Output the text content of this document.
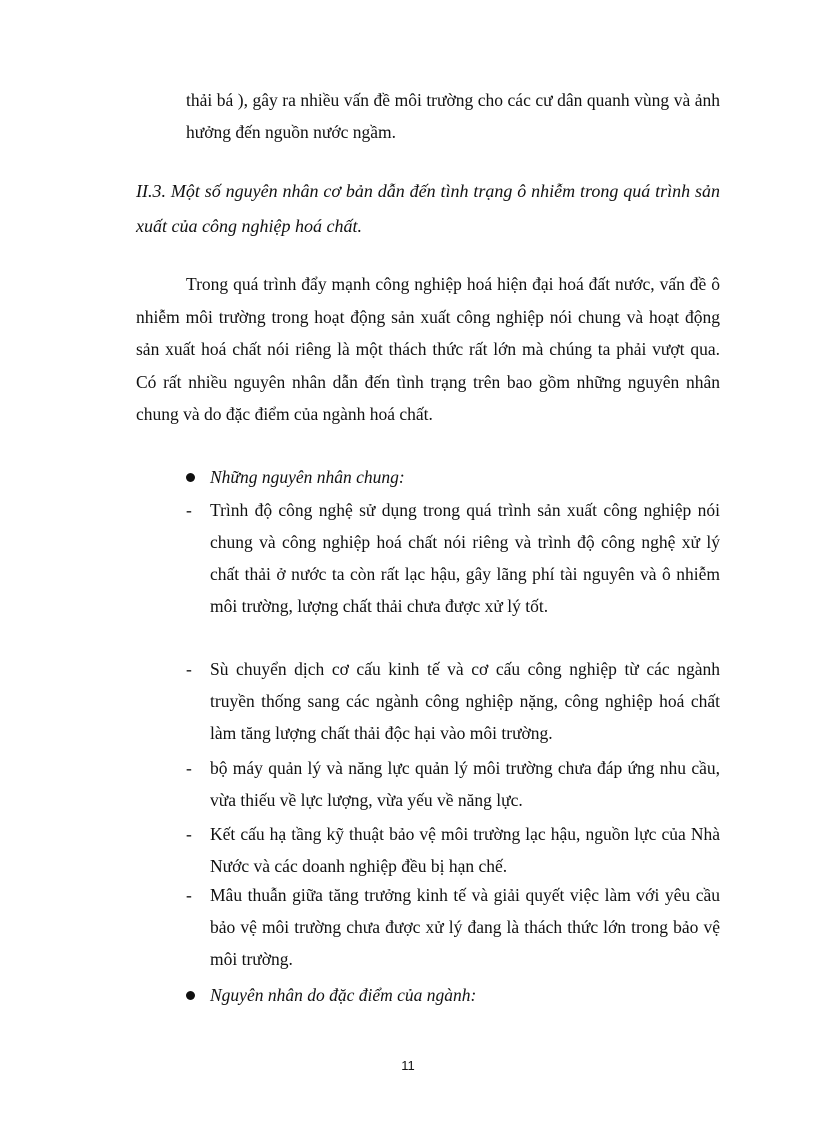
thải bá ), gây ra nhiều vấn đề môi trường cho các cư dân quanh vùng và ảnh hưởng đến nguồn nước ngầm.
II.3. Một số nguyên nhân cơ bản dẫn đến tình trạng ô nhiễm trong quá trình sản xuất của công nghiệp hoá chất.
Trong quá trình đẩy mạnh công nghiệp hoá hiện đại hoá đất nước, vấn đề ô nhiễm môi trường trong hoạt động sản xuất công nghiệp nói chung và hoạt động sản xuất hoá chất nói riêng là một thách thức rất lớn mà chúng ta phải vượt qua. Có rất nhiều nguyên nhân dẫn đến tình trạng trên bao gồm những nguyên nhân chung và do đặc điểm của ngành hoá chất.
Những nguyên nhân chung:
- Trình độ công nghệ sử dụng trong quá trình sản xuất công nghiệp nói chung và công nghiệp hoá chất nói riêng và trình độ công nghệ xử lý chất thải ở nước ta còn rất lạc hậu, gây lãng phí tài nguyên và ô nhiễm môi trường, lượng chất thải chưa được xử lý tốt.
- Sù chuyển dịch cơ cấu kinh tế và cơ cấu công nghiệp từ các ngành truyền thống sang các ngành công nghiệp nặng, công nghiệp hoá chất làm tăng lượng chất thải độc hại vào môi trường.
- bộ máy quản lý và năng lực quản lý môi trường chưa đáp ứng nhu cầu, vừa thiếu về lực lượng, vừa yếu về năng lực.
- Kết cấu hạ tầng kỹ thuật bảo vệ môi trường lạc hậu, nguồn lực của Nhà Nước và các doanh nghiệp đều bị hạn chế.
- Mâu thuẫn giữa tăng trưởng kinh tế và giải quyết việc làm với yêu cầu bảo vệ môi trường chưa được xử lý đang là thách thức lớn trong bảo vệ môi trường.
Nguyên nhân do đặc điểm của ngành:
11
